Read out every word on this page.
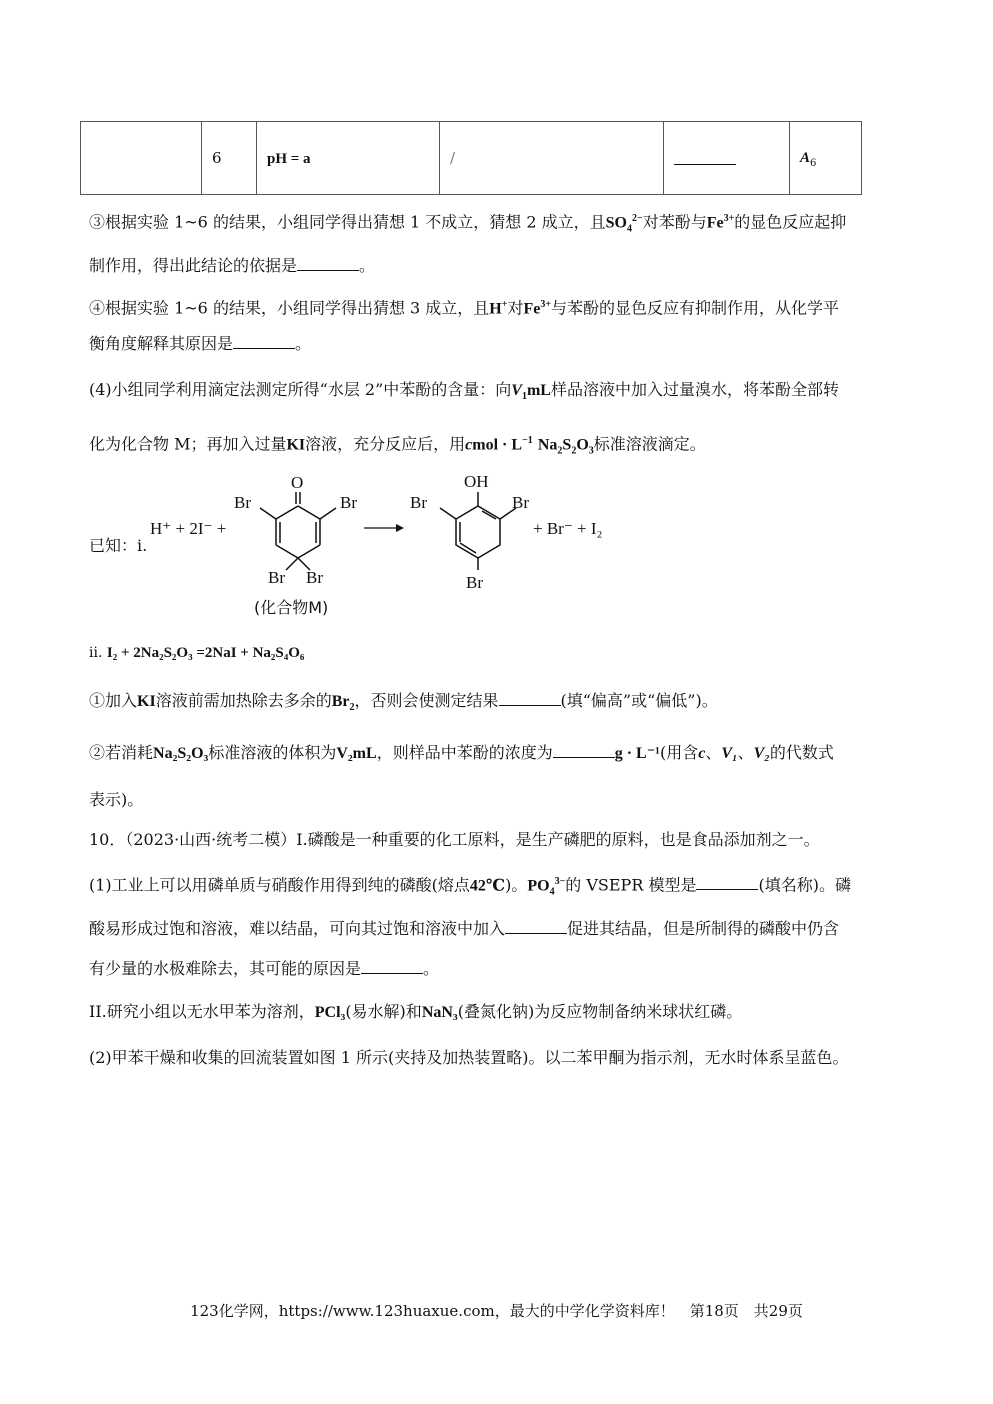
	6	pH = a	/		$A_6$
③根据实验 1~6 的结果，小组同学得出猜想 1 不成立，猜想 2 成立，且$SO_4^{2-}$对苯酚与$Fe^{3+}$的显色反应起抑
制作用，得出此结论的依据是	。
④根据实验 1~6 的结果，小组同学得出猜想 3 成立，且H+对$Fe^{3+}$与苯酚的显色反应有抑制作用，从化学平
衡角度解释其原因是	。
(4)小组同学利用滴定法测定所得“水层 2”中苯酚的含量：向$V_1mL$样品溶液中加入过量溴水，将苯酚全部转
化为化合物 M；再加入过量KI溶液，充分反应后，用cmol · $L^{-1}$ $Na_2S_2O_3$标准溶液滴定。
已知：i.
H⁺ + 2I⁻ +
O
Br	Br
Br Br
(化合物M)
OH
Br	Br
Br
+ Br⁻ + I₂
ii. I₂ + 2Na₂S₂O₃ =2NaI + Na₂S₄O₆
①加入KI溶液前需加热除去多余的$Br_2$，否则会使测定结果	(填“偏高”或“偏低”)。
②若消耗Na₂S₂O₃标准溶液的体积为V₂mL，则样品中苯酚的浓度为	g · L⁻¹(用含c、V₁、V₂的代数式
表示)。
10．（2023·山西·统考二模）I.磷酸是一种重要的化工原料，是生产磷肥的原料，也是食品添加剂之一。
(1)工业上可以用磷单质与硝酸作用得到纯的磷酸(熔点42℃)。$PO_4^{3-}$的 VSEPR 模型是	(填名称)。磷
酸易形成过饱和溶液，难以结晶，可向其过饱和溶液中加入	促进其结晶，但是所制得的磷酸中仍含
有少量的水极难除去，其可能的原因是	。
II.研究小组以无水甲苯为溶剂，PCl₃(易水解)和NaN₃(叠氮化钠)为反应物制备纳米球状红磷。
(2)甲苯干燥和收集的回流装置如图 1 所示(夹持及加热装置略)。以二苯甲酮为指示剂，无水时体系呈蓝色。
123化学网，https://www.123huaxue.com，最大的中学化学资料库！　第18页　共29页
